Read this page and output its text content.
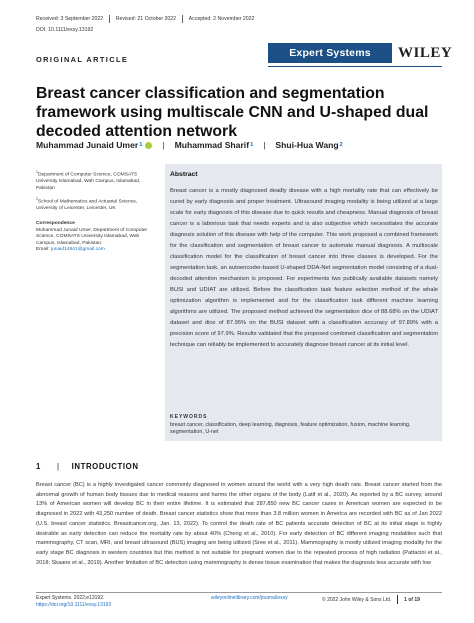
Received: 3 September 2022 Revised: 21 October 2022 Accepted: 2 November 2022
DOI: 10.1111/exsy.13192
ORIGINAL ARTICLE
Expert Systems	WILEY
Breast cancer classification and segmentation framework using multiscale CNN and U-shaped dual decoded attention network
Muhammad Junaid Umer 1 | Muhammad Sharif 1 | Shui-Hua Wang 2
$^1$Department of Computer Science, COMSATS University Islamabad, Wah Campus, Islamabad, Pakistan
$^2$School of Mathematics and Actuarial Science, University of Leicester, Leicester, UK
Correspondence
Muhammad Junaid Umer, Department of Computer Science, COMSATS University Islamabad, Wah Campus, Islamabad, Pakistan.
Email: junaid14841@gmail.com
Abstract

Breast cancer is a mostly diagnosed deadly disease with a high mortality rate that can effectively be cured by early diagnosis and proper treatment. Ultrasound imaging modality is being utilized at a large scale for early diagnosis of this disease due to quick results and cheapness. Manual diagnosis of breast cancer is a laborious task that needs experts and is also subjective which necessitates the accurate diagnosis solution of this disease with help of the computer. This work proposed a combined framework for the classification and segmentation of breast cancer to automate manual diagnosis. A multiscale classification model for the classification of breast cancer into three classes is developed. For the segmentation task, an autoencoder-based U-shaped DDA-Net segmentation model consisting of a dual-decoded attention mechanism is proposed. For experiments two publically available datasets namely BUSI and UDIAT are utilized. Before the classification task feature selection method of the whale optimization algorithm is implemented and for the classification task different machine learning algorithms are utilized. The proposed method achieved the segmentation dice of 88.68% on the UDIAT dataset and dice of 87.95% on the BUSI dataset with a classification accuracy of 97.89% with a precision score of 97.9%. Results validated that the proposed combined classification and segmentation technique can reliably be implemented to accurately diagnose breast cancer at its initial level.

KEYWORDS
breast cancer, classification, deep learning, diagnosis, feature optimization, fusion, machine learning, segmentation, U-net
1 | INTRODUCTION

Breast cancer (BC) is a highly investigated cancer commonly diagnosed in women around the world with a very high death rate. Breast cancer started from the abnormal growth of human body tissues due to medical reasons and harms the other organs of the body (Latif et al., 2020). As reported by a BC survey, around 13% of American women will develop BC in their entire lifetime. It is estimated that 287,850 new BC cancer cases in American women are expected to be diagnosed in 2022 with 43,250 number of death. Breast cancer statistics show that more than 3.8 million women in America are recorded with BC as of Jan 2022 (U.S. breast cancer statistics. Breastcancer.org, Jan. 13, 2022). To control the death rate of BC patients accurate detection of BC at its initial stage is highly desirable as early detection can reduce the mortality rate by about 40% (Cheng et al., 2010). For early detection of BC different imaging modalities such that mammography, CT scan, MRI, and breast ultrasound (BUS) imaging are being utilized (Sree et al., 2011). Mammography is mostly utilized imaging modality for the early stage BC diagnosis in western countries but this method is not suitable for pregnant women due to the repeated process of high radiation (Pattacini et al., 2018; Skaane et al., 2019). Another limitation of BC detection using mammography is dense tissue examination that makes the diagnosis less accurate with low

Expert Systems. 2022;e13192.
https://doi.org/10.1111/exsy.13192
wileyonlinelibrary.com/journal/exsy	© 2022 John Wiley & Sons Ltd.	1 of 19
